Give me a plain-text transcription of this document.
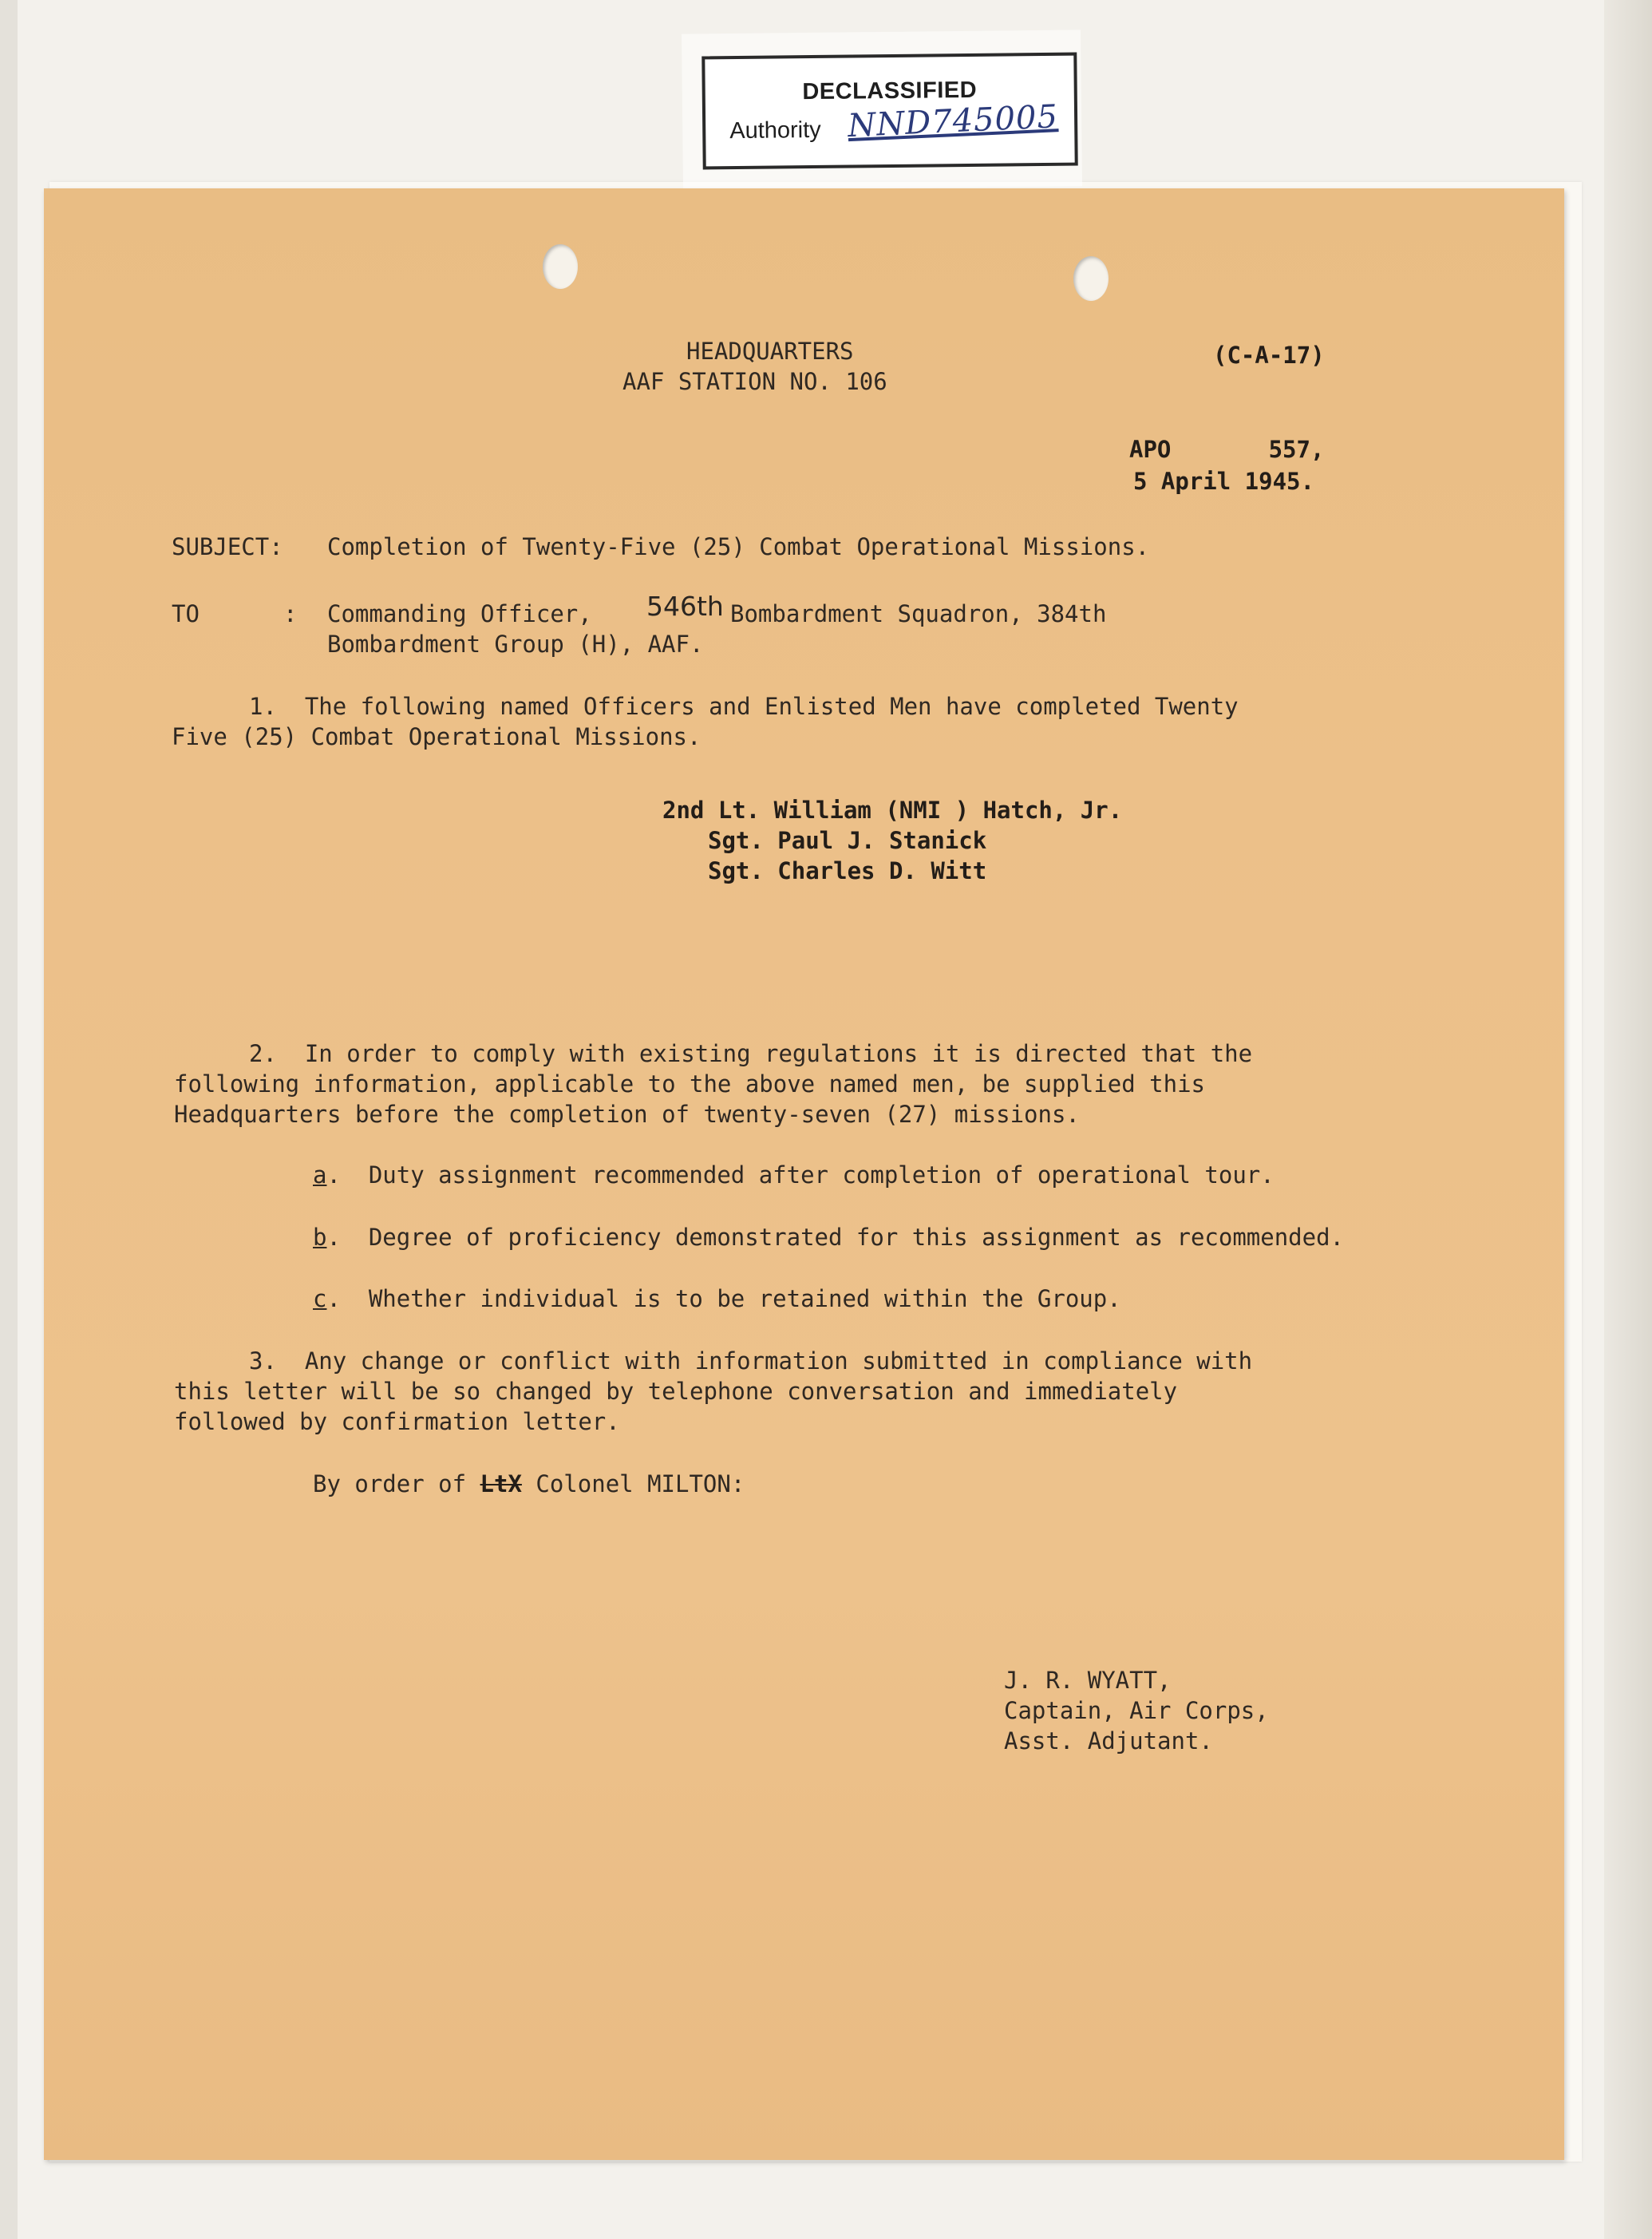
DECLASSIFIED
Authority NND745005
HEADQUARTERS
AAF STATION NO. 106
(C-A-17)
APO       557,
5 April 1945.
SUBJECT: Completion of Twenty-Five (25) Combat Operational Missions.
TO	: Commanding Officer, 546th Bombardment Squadron, 384th
Bombardment Group (H), AAF.
1.  The following named Officers and Enlisted Men have completed Twenty
Five (25) Combat Operational Missions.
2nd Lt. William (NMI ) Hatch, Jr.
Sgt. Paul J. Stanick
Sgt. Charles D. Witt
2.  In order to comply with existing regulations it is directed that the
following information, applicable to the above named men, be supplied this
Headquarters before the completion of twenty-seven (27) missions.
a.  Duty assignment recommended after completion of operational tour.
b.  Degree of proficiency demonstrated for this assignment as recommended.
c.  Whether individual is to be retained within the Group.
3.  Any change or conflict with information submitted in compliance with
this letter will be so changed by telephone conversation and immediately
followed by confirmation letter.
By order of LtX Colonel MILTON:
J. R. WYATT,
Captain, Air Corps,
Asst. Adjutant.
